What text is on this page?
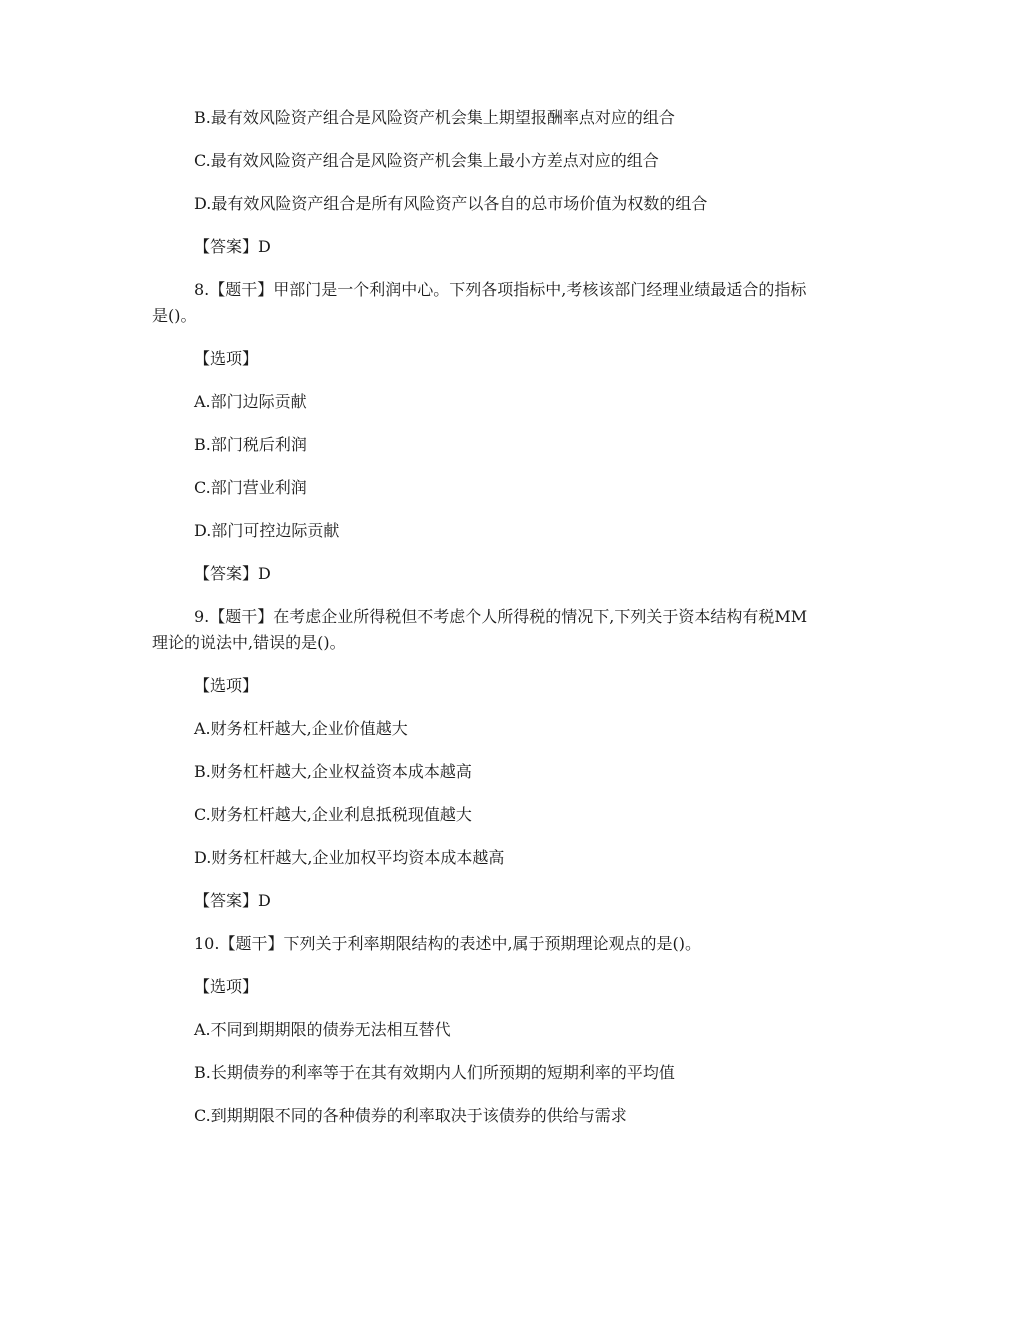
B.最有效风险资产组合是风险资产机会集上期望报酬率点对应的组合

C.最有效风险资产组合是风险资产机会集上最小方差点对应的组合

D.最有效风险资产组合是所有风险资产以各自的总市场价值为权数的组合

【答案】D

8.【题干】甲部门是一个利润中心。下列各项指标中,考核该部门经理业绩最适合的指标

是()。

【选项】

A.部门边际贡献

B.部门税后利润

C.部门营业利润

D.部门可控边际贡献

【答案】D

9.【题干】在考虑企业所得税但不考虑个人所得税的情况下,下列关于资本结构有税MM

理论的说法中,错误的是()。

【选项】

A.财务杠杆越大,企业价值越大

B.财务杠杆越大,企业权益资本成本越高

C.财务杠杆越大,企业利息抵税现值越大

D.财务杠杆越大,企业加权平均资本成本越高

【答案】D

10.【题干】下列关于利率期限结构的表述中,属于预期理论观点的是()。

【选项】

A.不同到期期限的债券无法相互替代

B.长期债券的利率等于在其有效期内人们所预期的短期利率的平均值

C.到期期限不同的各种债券的利率取决于该债券的供给与需求
